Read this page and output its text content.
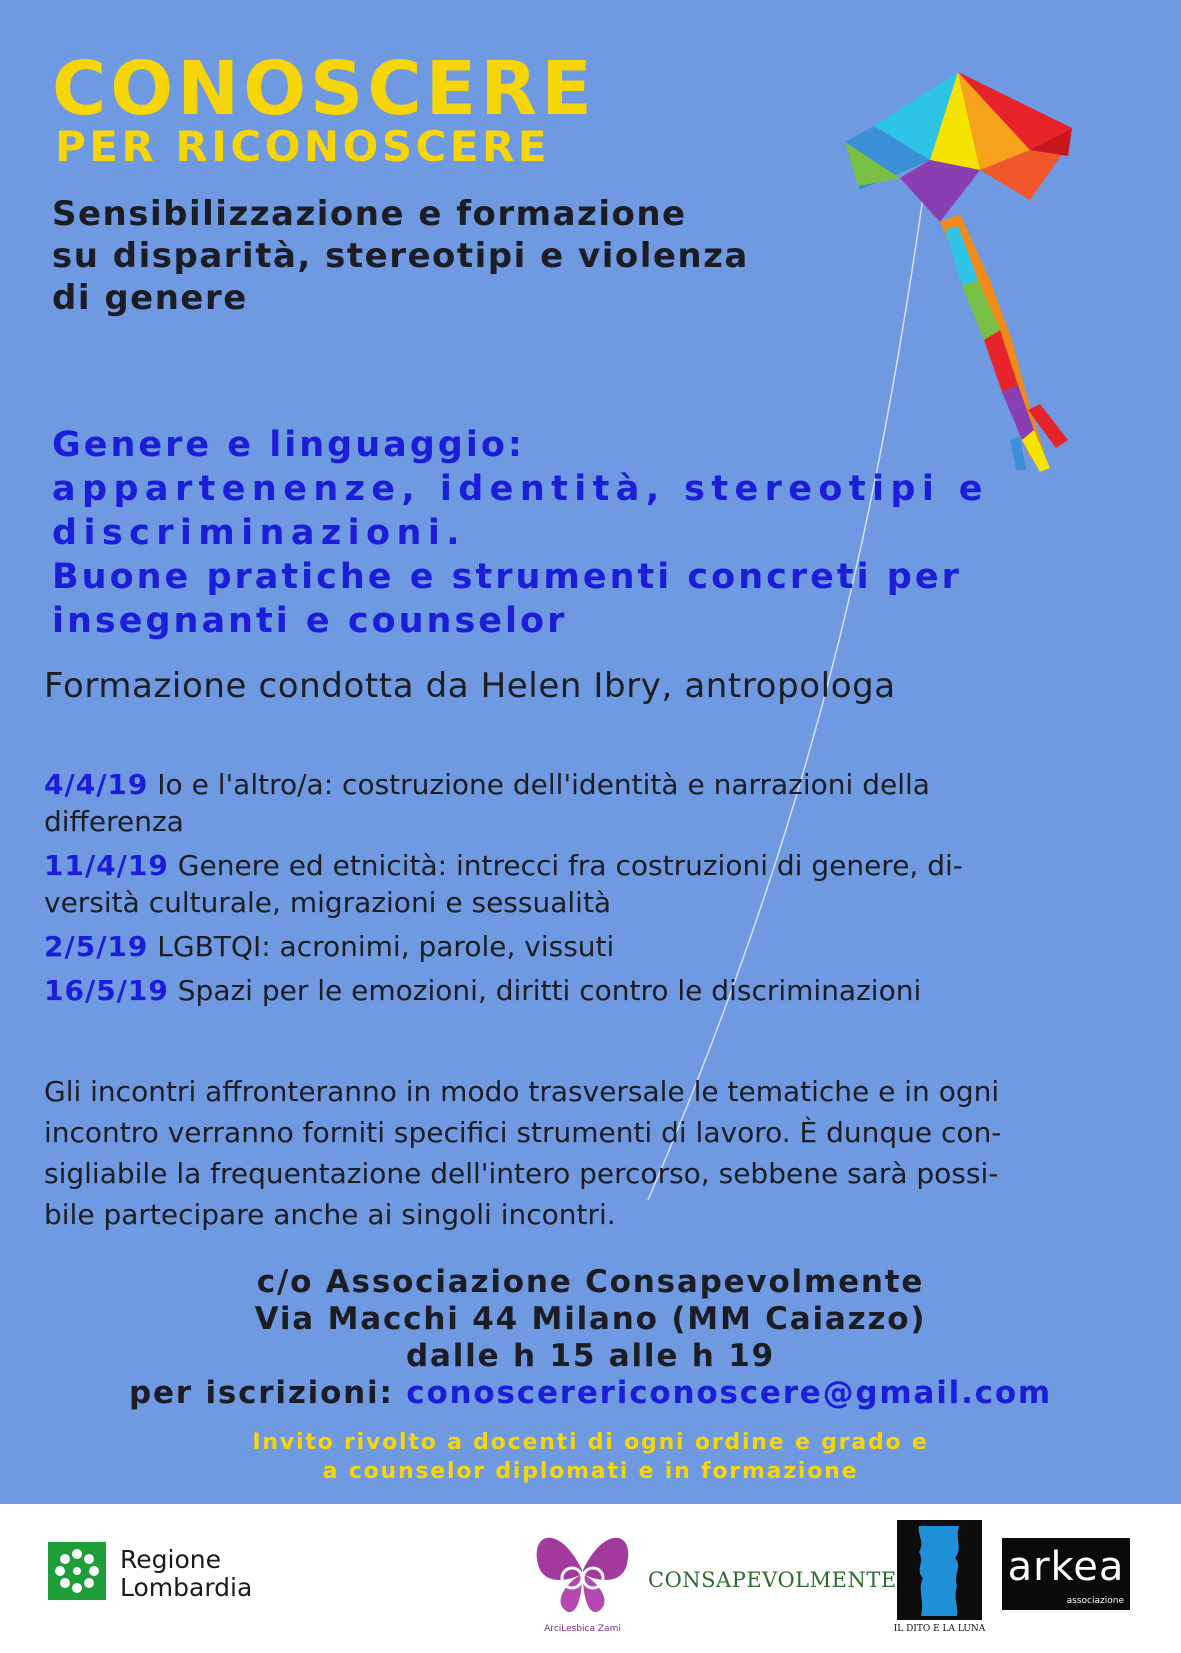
CONOSCERE
PER RICONOSCERE
Sensibilizzazione e formazione
su disparità, stereotipi e violenza
di genere
Genere e linguaggio:
appartenenze, identità, stereotipi e
discriminazioni.
Buone pratiche e strumenti concreti per
insegnanti e counselor
Formazione condotta da Helen Ibry, antropologa
4/4/19 Io e l'altro/a: costruzione dell'identità e narrazioni della
differenza
11/4/19 Genere ed etnicità: intrecci fra costruzioni di genere, di-
versità culturale, migrazioni e sessualità
2/5/19 LGBTQI: acronimi, parole, vissuti
16/5/19 Spazi per le emozioni, diritti contro le discriminazioni
Gli incontri affronteranno in modo trasversale le tematiche e in ogni
incontro verranno forniti specifici strumenti di lavoro. È dunque con-
sigliabile la frequentazione dell'intero percorso, sebbene sarà possi-
bile partecipare anche ai singoli incontri.
c/o Associazione Consapevolmente
Via Macchi 44 Milano (MM Caiazzo)
dalle h 15 alle h 19
per iscrizioni: conoscerericonoscere@gmail.com
Invito rivolto a docenti di ogni ordine e grado e
a counselor diplomati e in formazione
Regione
Lombardia
ArciLesbica Zami
CONSAPEVOLMENTE
IL DITO E LA LUNA
arkea
associazione
